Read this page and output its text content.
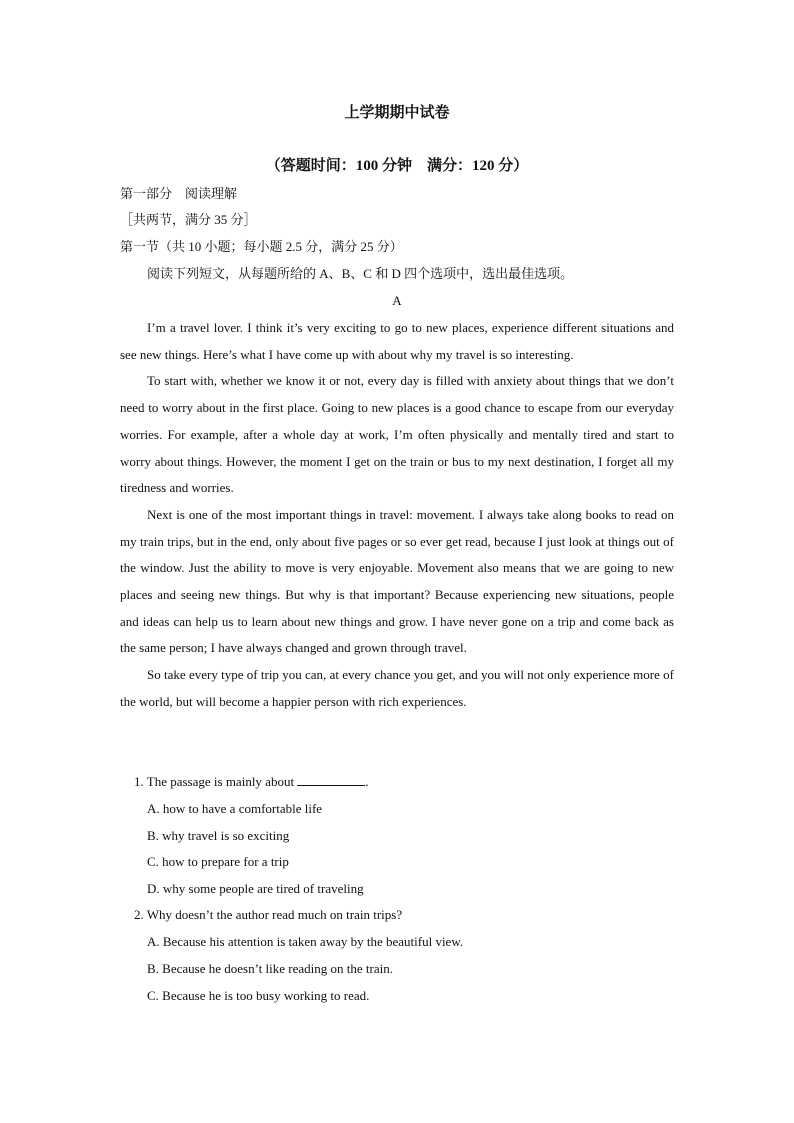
上学期期中试卷
（答题时间：100 分钟　满分：120 分）
第一部分　阅读理解
［共两节，满分 35 分］
第一节（共 10 小题；每小题 2.5 分，满分 25 分）
阅读下列短文，从每题所给的 A、B、C 和 D 四个选项中，选出最佳选项。
A

I’m a travel lover. I think it’s very exciting to go to new places, experience different situations and see new things. Here’s what I have come up with about why my travel is so interesting.

To start with, whether we know it or not, every day is filled with anxiety about things that we don’t need to worry about in the first place. Going to new places is a good chance to escape from our everyday worries. For example, after a whole day at work, I’m often physically and mentally tired and start to worry about things. However, the moment I get on the train or bus to my next destination, I forget all my tiredness and worries.

Next is one of the most important things in travel: movement. I always take along books to read on my train trips, but in the end, only about five pages or so ever get read, because I just look at things out of the window. Just the ability to move is very enjoyable. Movement also means that we are going to new places and seeing new things. But why is that important? Because experiencing new situations, people and ideas can help us to learn about new things and grow. I have never gone on a trip and come back as the same person; I have always changed and grown through travel.

So take every type of trip you can, at every chance you get, and you will not only experience more of the world, but will become a happier person with rich experiences.

1. The passage is mainly about	.
A. how to have a comfortable life
B. why travel is so exciting
C. how to prepare for a trip
D. why some people are tired of traveling
2. Why doesn’t the author read much on train trips?
A. Because his attention is taken away by the beautiful view.
B. Because he doesn’t like reading on the train.
C. Because he is too busy working to read.
